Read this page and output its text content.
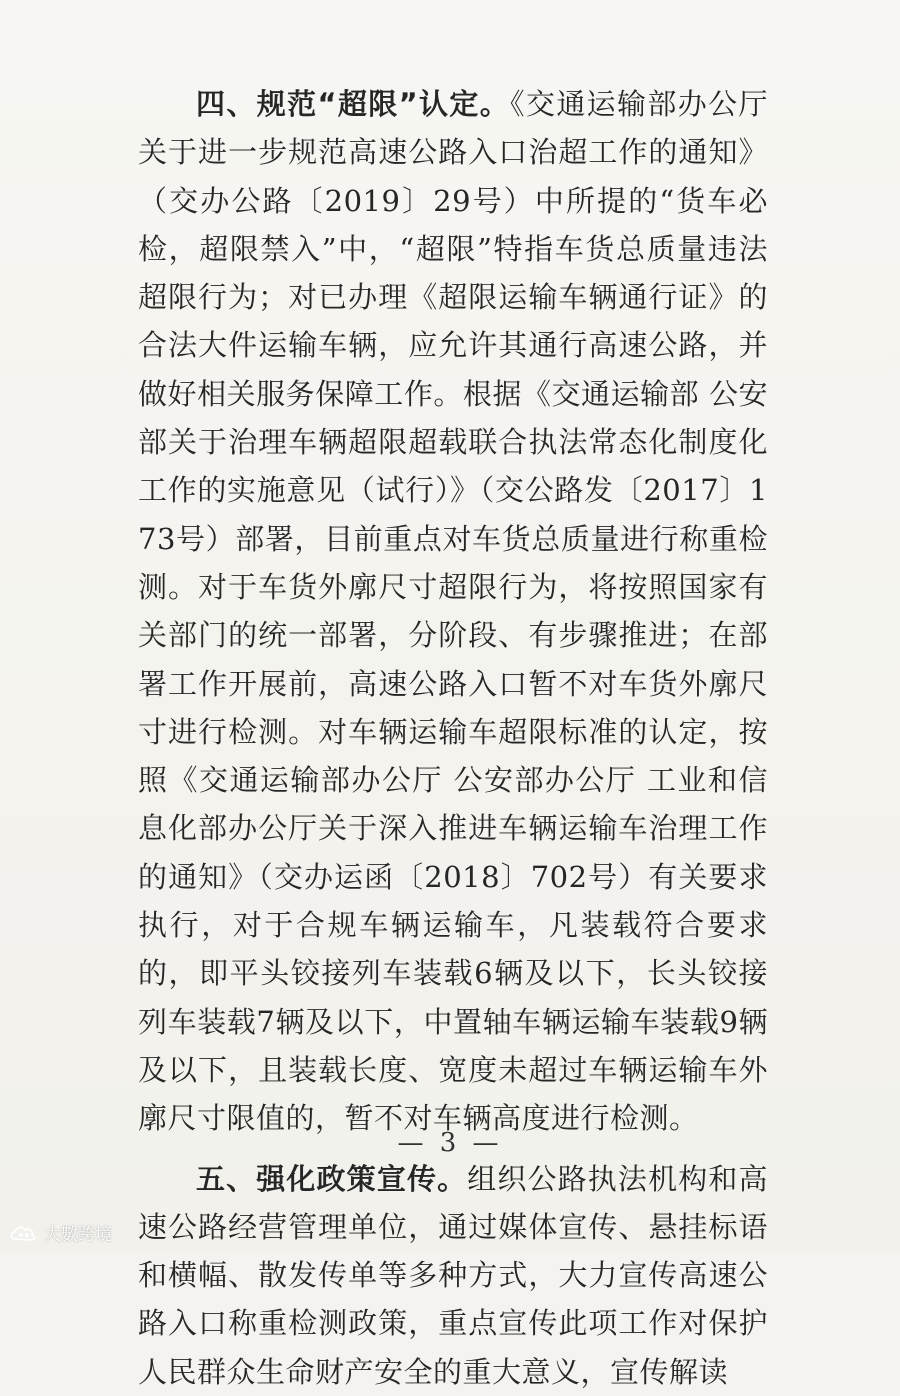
四、规范“超限”认定。《交通运输部办公厅关于进一步规范高速公路入口治超工作的通知》（交办公路〔2019〕29号）中所提的“货车必检，超限禁入”中，“超限”特指车货总质量违法超限行为；对已办理《超限运输车辆通行证》的合法大件运输车辆，应允许其通行高速公路，并做好相关服务保障工作。根据《交通运输部 公安部关于治理车辆超限超载联合执法常态化制度化工作的实施意见（试行）》（交公路发〔2017〕173号）部署，目前重点对车货总质量进行称重检测。对于车货外廓尺寸超限行为，将按照国家有关部门的统一部署，分阶段、有步骤推进；在部署工作开展前，高速公路入口暂不对车货外廓尺寸进行检测。对车辆运输车超限标准的认定，按照《交通运输部办公厅 公安部办公厅 工业和信息化部办公厅关于深入推进车辆运输车治理工作的通知》（交办运函〔2018〕702号）有关要求执行，对于合规车辆运输车，凡装载符合要求的，即平头铰接列车装载6辆及以下，长头铰接列车装载7辆及以下，中置轴车辆运输车装载9辆及以下，且装载长度、宽度未超过车辆运输车外廓尺寸限值的，暂不对车辆高度进行检测。

五、强化政策宣传。组织公路执法机构和高速公路经营管理单位，通过媒体宣传、悬挂标语和横幅、散发传单等多种方式，大力宣传高速公路入口称重检测政策，重点宣传此项工作对保护人民群众生命财产安全的重大意义，宣传解读

— 3 —
大數跨境
